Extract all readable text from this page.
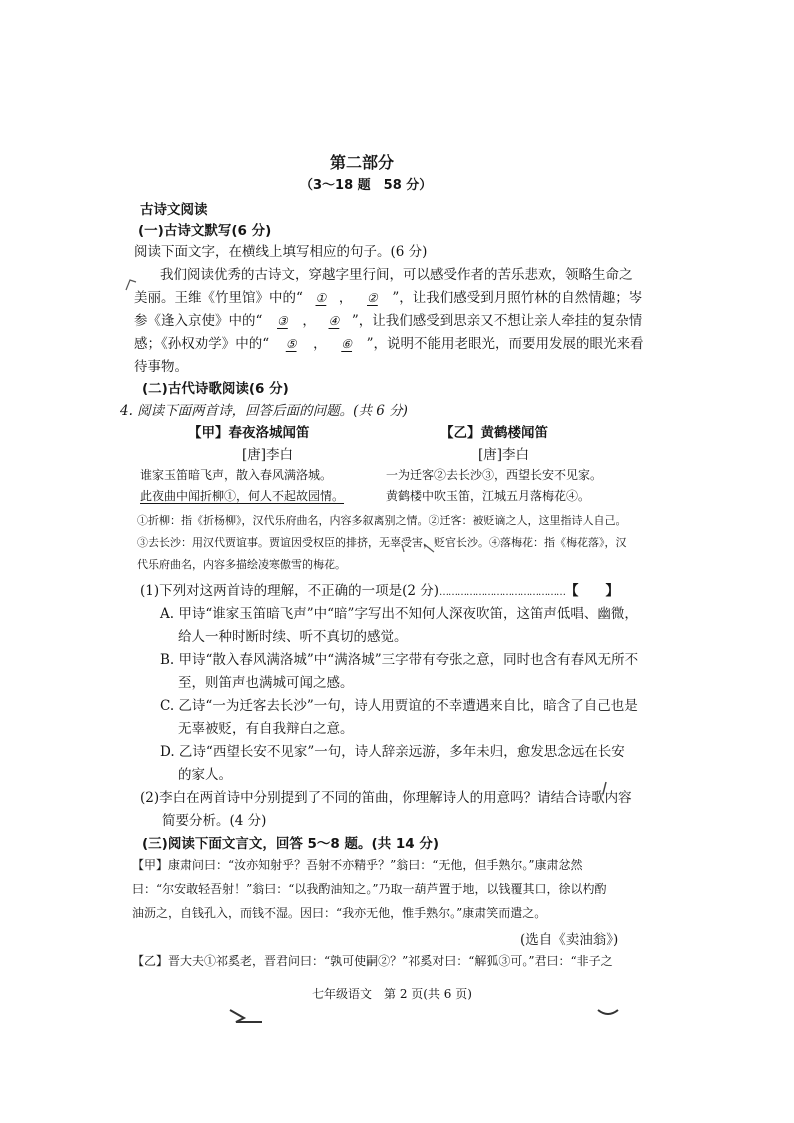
第二部分
（3～18 题　58 分）
古诗文阅读
(一)古诗文默写(6 分)
阅读下面文字，在横线上填写相应的句子。(6 分)
我们阅读优秀的古诗文，穿越字里行间，可以感受作者的苦乐悲欢，领略生命之
美丽。王维《竹里馆》中的“ ① ， ② ”，让我们感受到月照竹林的自然情趣；岑
参《逢入京使》中的“ ③ ， ④ ”，让我们感受到思亲又不想让亲人牵挂的复杂情
感；《孙权劝学》中的“ ⑤ ， ⑥ ”，说明不能用老眼光，而要用发展的眼光来看
待事物。
(二)古代诗歌阅读(6 分)
4. 阅读下面两首诗，回答后面的问题。(共 6 分)
【甲】春夜洛城闻笛
[唐]李白
谁家玉笛暗飞声，散入春风满洛城。
此夜曲中闻折柳①，何人不起故园情。
【乙】黄鹤楼闻笛
[唐]李白
一为迁客②去长沙③，西望长安不见家。
黄鹤楼中吹玉笛，江城五月落梅花④。
①折柳：指《折杨柳》，汉代乐府曲名，内容多叙离别之情。②迁客：被贬谪之人，这里指诗人自己。
③去长沙：用汉代贾谊事。贾谊因受权臣的排挤，无辜受害，贬官长沙。④落梅花：指《梅花落》，汉
代乐府曲名，内容多描绘凌寒傲雪的梅花。
(1)下列对这两首诗的理解，不正确的一项是(2 分)……………………………………【　　】
A. 甲诗“谁家玉笛暗飞声”中“暗”字写出不知何人深夜吹笛，这笛声低唱、幽微，
给人一种时断时续、听不真切的感觉。
B. 甲诗“散入春风满洛城”中“满洛城”三字带有夸张之意，同时也含有春风无所不
至，则笛声也满城可闻之感。
C. 乙诗“一为迁客去长沙”一句，诗人用贾谊的不幸遭遇来自比，暗含了自己也是
无辜被贬，有自我辩白之意。
D. 乙诗“西望长安不见家”一句，诗人辞亲远游，多年未归，愈发思念远在长安
的家人。
(2)李白在两首诗中分别提到了不同的笛曲，你理解诗人的用意吗？请结合诗歌内容
简要分析。(4 分)
(三)阅读下面文言文，回答 5～8 题。(共 14 分)
【甲】康肃问曰：“汝亦知射乎？吾射不亦精乎？”翁曰：“无他，但手熟尔。”康肃忿然
曰：“尔安敢轻吾射！”翁曰：“以我酌油知之。”乃取一葫芦置于地，以钱覆其口，徐以杓酌
油沥之，自钱孔入，而钱不湿。因曰：“我亦无他，惟手熟尔。”康肃笑而遣之。
(选自《卖油翁》)
【乙】晋大夫①祁奚老，晋君问曰：“孰可使嗣②？”祁奚对曰：“解狐③可。”君曰：“非子之
七年级语文　第 2 页(共 6 页)
